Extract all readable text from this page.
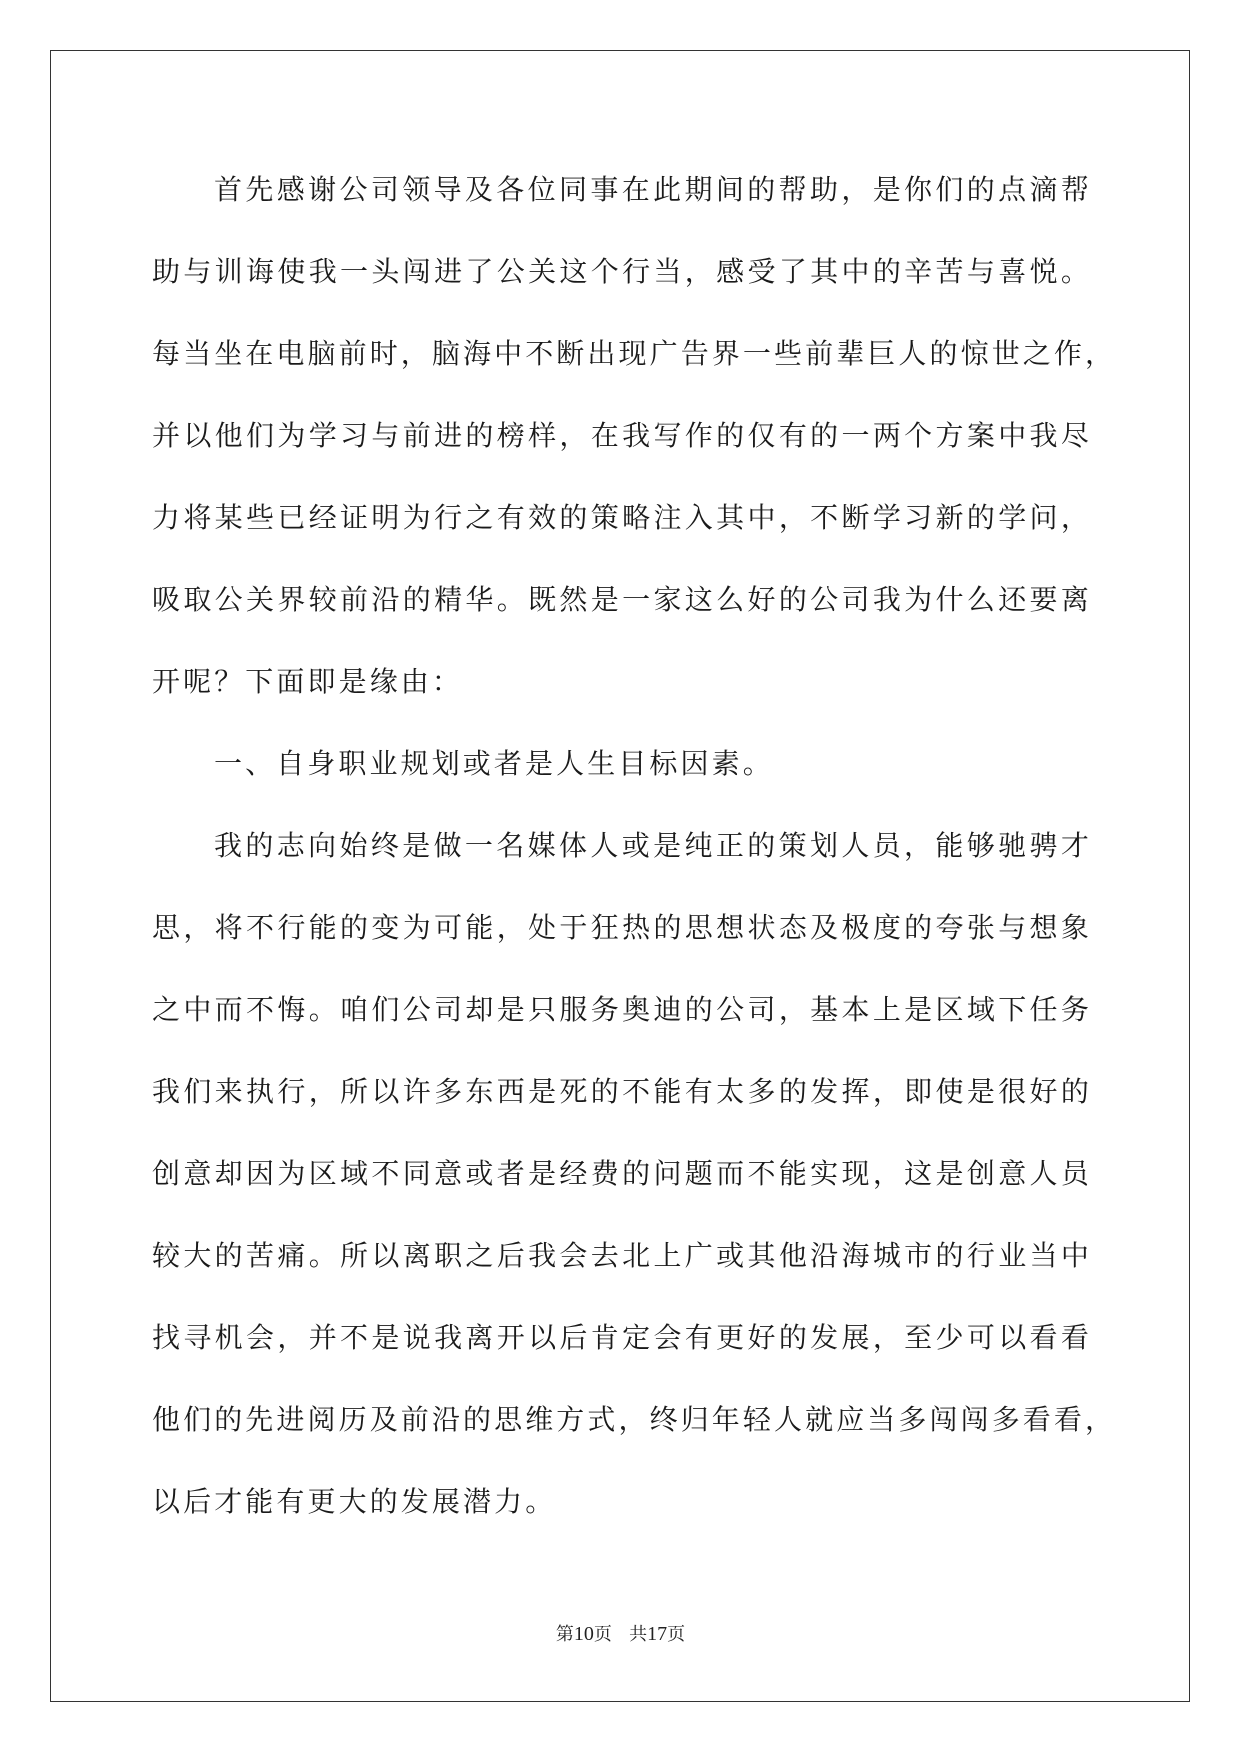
首先感谢公司领导及各位同事在此期间的帮助，是你们的点滴帮
助与训诲使我一头闯进了公关这个行当，感受了其中的辛苦与喜悦。
每当坐在电脑前时，脑海中不断出现广告界一些前辈巨人的惊世之作，
并以他们为学习与前进的榜样，在我写作的仅有的一两个方案中我尽
力将某些已经证明为行之有效的策略注入其中，不断学习新的学问，
吸取公关界较前沿的精华。既然是一家这么好的公司我为什么还要离
开呢？下面即是缘由：
一、自身职业规划或者是人生目标因素。
我的志向始终是做一名媒体人或是纯正的策划人员，能够驰骋才
思，将不行能的变为可能，处于狂热的思想状态及极度的夸张与想象
之中而不悔。咱们公司却是只服务奥迪的公司，基本上是区域下任务
我们来执行，所以许多东西是死的不能有太多的发挥，即使是很好的
创意却因为区域不同意或者是经费的问题而不能实现，这是创意人员
较大的苦痛。所以离职之后我会去北上广或其他沿海城市的行业当中
找寻机会，并不是说我离开以后肯定会有更好的发展，至少可以看看
他们的先进阅历及前沿的思维方式，终归年轻人就应当多闯闯多看看，
以后才能有更大的发展潜力。
第10页 共17页
